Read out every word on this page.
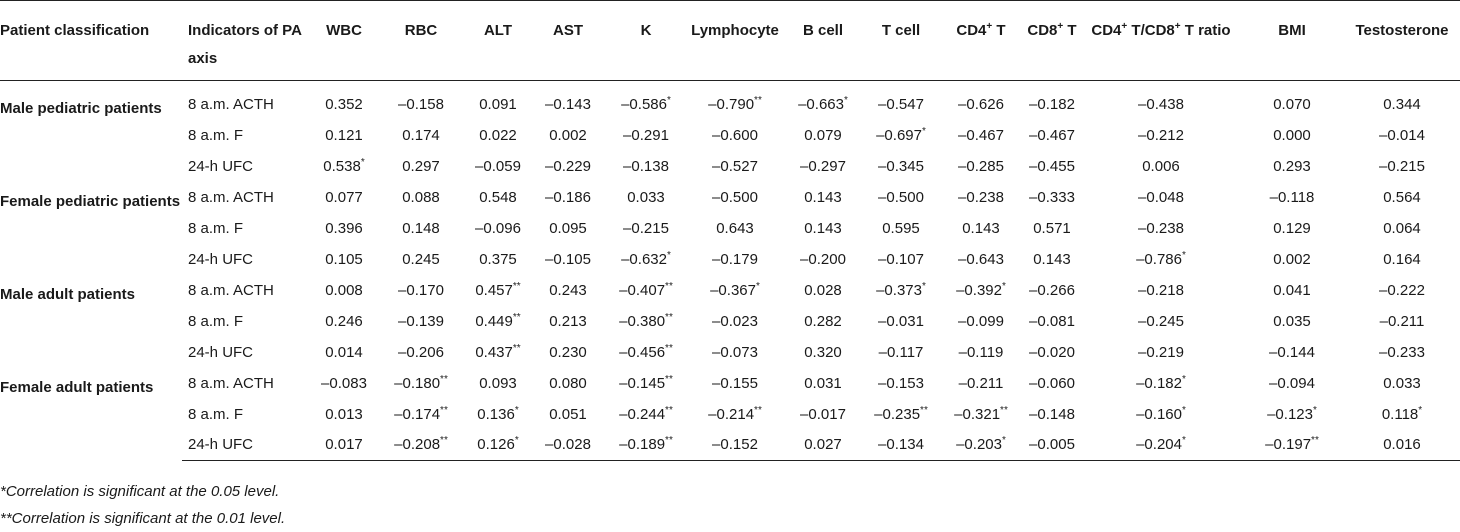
Patient classification	Indicators of PA axis	WBC	RBC	ALT	AST	K	Lymphocyte	B cell	T cell	CD4+ T	CD8+ T	CD4+ T/CD8+ T ratio	BMI	Testosterone

Male pediatric patients	8 a.m. ACTH	0.352	–0.158	0.091	–0.143	–0.586*	–0.790**	–0.663*	–0.547	–0.626	–0.182	–0.438	0.070	0.344
	8 a.m. F	0.121	0.174	0.022	0.002	–0.291	–0.600	0.079	–0.697*	–0.467	–0.467	–0.212	0.000	–0.014
	24-h UFC	0.538*	0.297	–0.059	–0.229	–0.138	–0.527	–0.297	–0.345	–0.285	–0.455	0.006	0.293	–0.215
Female pediatric patients	8 a.m. ACTH	0.077	0.088	0.548	–0.186	0.033	–0.500	0.143	–0.500	–0.238	–0.333	–0.048	–0.118	0.564
	8 a.m. F	0.396	0.148	–0.096	0.095	–0.215	0.643	0.143	0.595	0.143	0.571	–0.238	0.129	0.064
	24-h UFC	0.105	0.245	0.375	–0.105	–0.632*	–0.179	–0.200	–0.107	–0.643	0.143	–0.786*	0.002	0.164
Male adult patients	8 a.m. ACTH	0.008	–0.170	0.457**	0.243	–0.407**	–0.367*	0.028	–0.373*	–0.392*	–0.266	–0.218	0.041	–0.222
	8 a.m. F	0.246	–0.139	0.449**	0.213	–0.380**	–0.023	0.282	–0.031	–0.099	–0.081	–0.245	0.035	–0.211
	24-h UFC	0.014	–0.206	0.437**	0.230	–0.456**	–0.073	0.320	–0.117	–0.119	–0.020	–0.219	–0.144	–0.233
Female adult patients	8 a.m. ACTH	–0.083	–0.180**	0.093	0.080	–0.145**	–0.155	0.031	–0.153	–0.211	–0.060	–0.182*	–0.094	0.033
	8 a.m. F	0.013	–0.174**	0.136*	0.051	–0.244**	–0.214**	–0.017	–0.235**	–0.321**	–0.148	–0.160*	–0.123*	0.118*
	24-h UFC	0.017	–0.208**	0.126*	–0.028	–0.189**	–0.152	0.027	–0.134	–0.203*	–0.005	–0.204*	–0.197**	0.016
*Correlation is significant at the 0.05 level.
**Correlation is significant at the 0.01 level.
